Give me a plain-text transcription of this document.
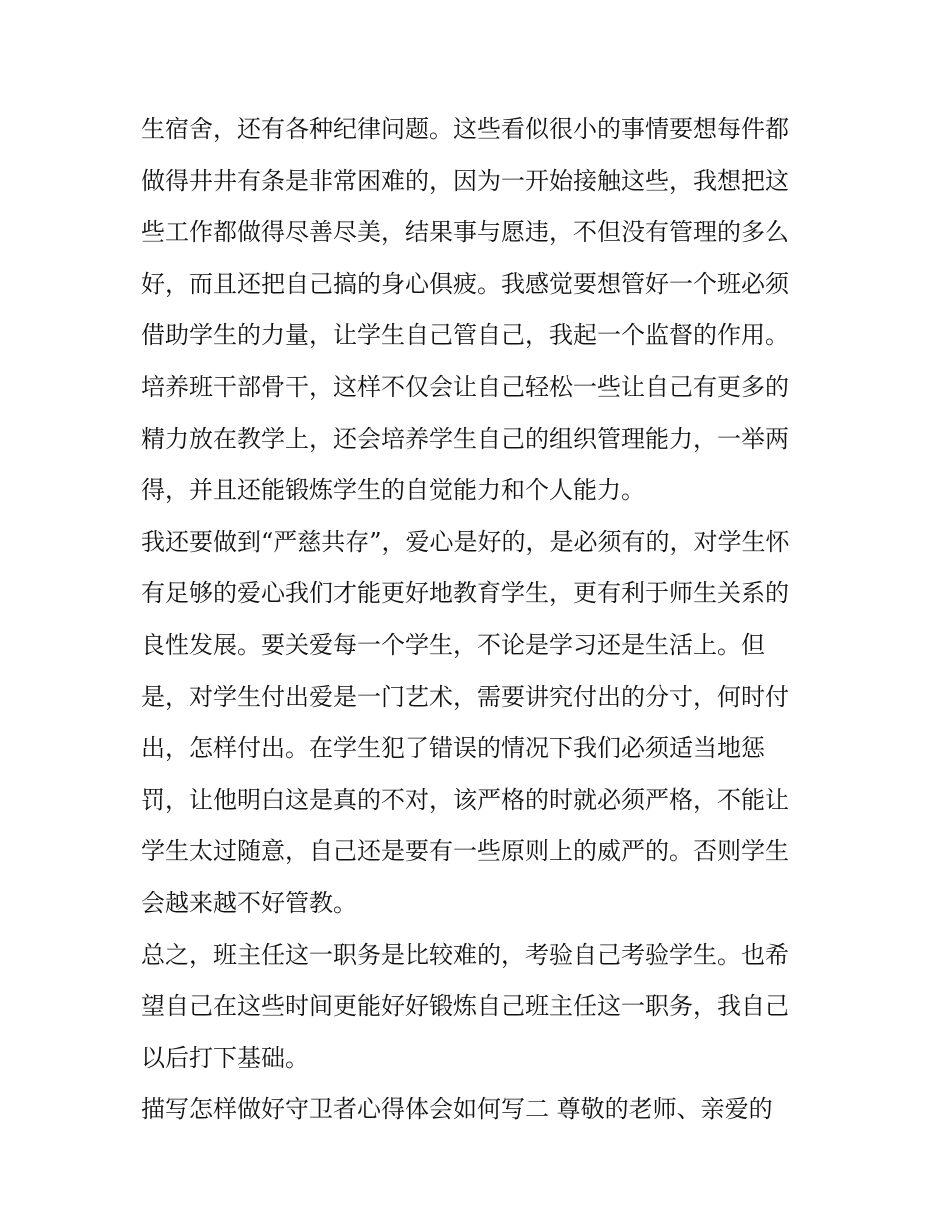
生宿舍，还有各种纪律问题。这些看似很小的事情要想每件都
做得井井有条是非常困难的，因为一开始接触这些，我想把这
些工作都做得尽善尽美，结果事与愿违，不但没有管理的多么
好，而且还把自己搞的身心俱疲。我感觉要想管好一个班必须
借助学生的力量，让学生自己管自己，我起一个监督的作用。
培养班干部骨干，这样不仅会让自己轻松一些让自己有更多的
精力放在教学上，还会培养学生自己的组织管理能力，一举两
得，并且还能锻炼学生的自觉能力和个人能力。
我还要做到“严慈共存”，爱心是好的，是必须有的，对学生怀
有足够的爱心我们才能更好地教育学生，更有利于师生关系的
良性发展。要关爱每一个学生，不论是学习还是生活上。但
是，对学生付出爱是一门艺术，需要讲究付出的分寸，何时付
出，怎样付出。在学生犯了错误的情况下我们必须适当地惩
罚，让他明白这是真的不对，该严格的时就必须严格，不能让
学生太过随意，自己还是要有一些原则上的威严的。否则学生
会越来越不好管教。
总之，班主任这一职务是比较难的，考验自己考验学生。也希
望自己在这些时间更能好好锻炼自己班主任这一职务，我自己
以后打下基础。
描写怎样做好守卫者心得体会如何写二 尊敬的老师、亲爱的
